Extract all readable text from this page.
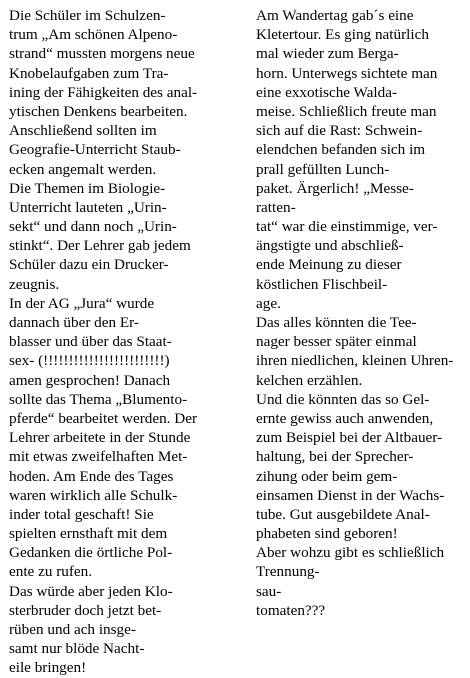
Die Schüler im Schulzen-
trum „Am schönen Alpeno-
strand“ mussten morgens neue
Knobelaufgaben zum Tra-
ining der Fähigkeiten des anal-
ytischen Denkens bearbeiten.
Anschließend sollten im
Geografie-Unterricht Staub-
ecken angemalt werden.
Die Themen im Biologie-
Unterricht lauteten „Urin-
sekt“ und dann noch „Urin-
stinkt“. Der Lehrer gab jedem
Schüler dazu ein Drucker-
zeugnis.
In der AG „Jura“ wurde
dannach über den Er-
blasser und über das Staat-
sex- (!!!!!!!!!!!!!!!!!!!!!!!!)
amen gesprochen! Danach
sollte das Thema „Blumento-
pferde“ bearbeitet werden. Der
Lehrer arbeitete in der Stunde
mit etwas zweifelhaften Met-
hoden. Am Ende des Tages
waren wirklich alle Schulk-
inder total geschaft! Sie
spielten ernsthaft mit dem
Gedanken die örtliche Pol-
ente zu rufen.
Das würde aber jeden Klo-
sterbruder doch jetzt bet-
rüben und ach insge-
samt nur blöde Nacht-
eile bringen!
Am Wandertag gab´s eine
Kletertour. Es ging natürlich
mal wieder zum Berga-
horn. Unterwegs sichtete man
eine exxotische Walda-
meise. Schließlich freute man
sich auf die Rast: Schwein-
elendchen befanden sich im
prall gefüllten Lunch-
paket. Ärgerlich! „Messe-
ratten-
tat“ war die einstimmige, ver-
ängstigte und abschließ-
ende Meinung zu dieser
köstlichen Flischbeil-
age.
Das alles könnten die Tee-
nager besser später einmal
ihren niedlichen, kleinen Uhren-
kelchen erzählen.
Und die könnten das so Gel-
ernte gewiss auch anwenden,
zum Beispiel bei der Altbauer-
haltung, bei der Sprecher-
zihung oder beim gem-
einsamen Dienst in der Wachs-
tube. Gut ausgebildete Anal-
phabeten sind geboren!
Aber wohzu gibt es schließlich
Trennung-
sau-
tomaten???
